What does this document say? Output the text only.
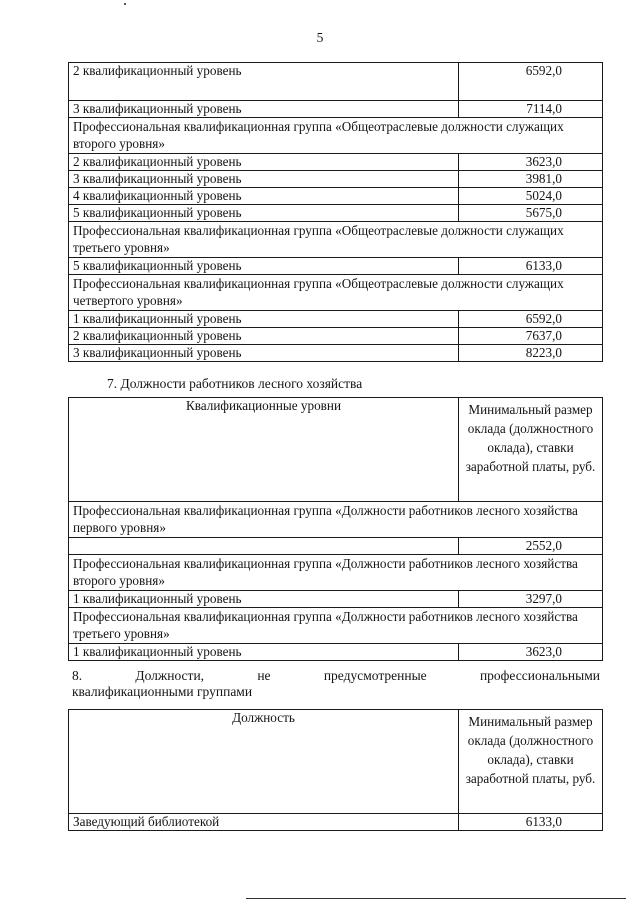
5
2 квалификационный уровень	6592,0
3 квалификационный уровень	7114,0
Профессиональная квалификационная группа «Общеотраслевые должности служащих второго уровня»	
2 квалификационный уровень	3623,0
3 квалификационный уровень	3981,0
4 квалификационный уровень	5024,0
5 квалификационный уровень	5675,0
Профессиональная квалификационная группа «Общеотраслевые должности служащих третьего уровня»	
5 квалификационный уровень	6133,0
Профессиональная квалификационная группа «Общеотраслевые должности служащих четвертого уровня»	
1 квалификационный уровень	6592,0
2 квалификационный уровень	7637,0
3 квалификационный уровень	8223,0
7. Должности работников лесного хозяйства
Квалификационные уровни	Минимальный размер оклада (должностного оклада), ставки заработной платы, руб.
Профессиональная квалификационная группа «Должности работников лесного хозяйства первого уровня»	
	2552,0
Профессиональная квалификационная группа «Должности работников лесного хозяйства второго уровня»	
1 квалификационный уровень	3297,0
Профессиональная квалификационная группа «Должности работников лесного хозяйства третьего уровня»	
1 квалификационный уровень	3623,0
8. Должности, не предусмотренные профессиональными
квалификационными группами
Должность	Минимальный размер оклада (должностного оклада), ставки заработной платы, руб.
Заведующий библиотекой	6133,0
